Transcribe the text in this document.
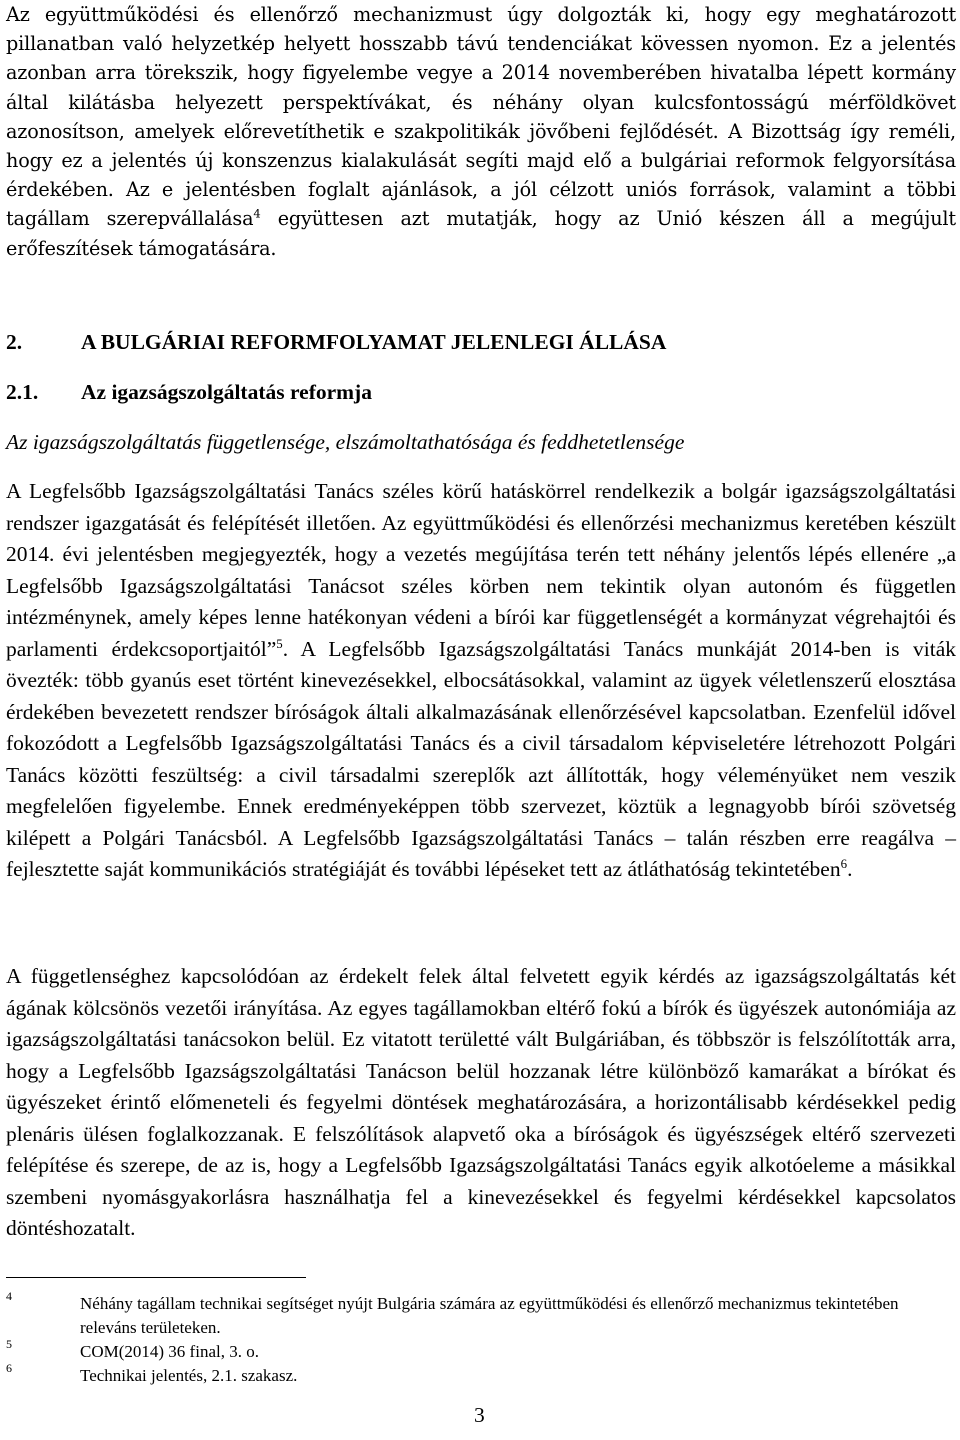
Az együttműködési és ellenőrző mechanizmust úgy dolgozták ki, hogy egy meghatározott pillanatban való helyzetkép helyett hosszabb távú tendenciákat kövessen nyomon. Ez a jelentés azonban arra törekszik, hogy figyelembe vegye a 2014 novemberében hivatalba lépett kormány által kilátásba helyezett perspektívákat, és néhány olyan kulcsfontosságú mérföldkövet azonosítson, amelyek előrevetíthetik e szakpolitikák jövőbeni fejlődését. A Bizottság így reméli, hogy ez a jelentés új konszenzus kialakulását segíti majd elő a bulgáriai reformok felgyorsítása érdekében. Az e jelentésben foglalt ajánlások, a jól célzott uniós források, valamint a többi tagállam szerepvállalása$^4$ együttesen azt mutatják, hogy az Unió készen áll a megújult erőfeszítések támogatására.

2.	A BULGÁRIAI REFORMFOLYAMAT JELENLEGI ÁLLÁSA
2.1. Az igazságszolgáltatás reformja
Az igazságszolgáltatás függetlensége, elszámoltathatósága és feddhetetlensége

A Legfelsőbb Igazságszolgáltatási Tanács széles körű hatáskörrel rendelkezik a bolgár igazságszolgáltatási rendszer igazgatását és felépítését illetően. Az együttműködési és ellenőrzési mechanizmus keretében készült 2014. évi jelentésben megjegyezték, hogy a vezetés megújítása terén tett néhány jelentős lépés ellenére „a Legfelsőbb Igazságszolgáltatási Tanácsot széles körben nem tekintik olyan autonóm és független intézménynek, amely képes lenne hatékonyan védeni a bírói kar függetlenségét a kormányzat végrehajtói és parlamenti érdekcsoportjaitól”$^5$. A Legfelsőbb Igazságszolgáltatási Tanács munkáját 2014-ben is viták övezték: több gyanús eset történt kinevezésekkel, elbocsátásokkal, valamint az ügyek véletlenszerű elosztása érdekében bevezetett rendszer bíróságok általi alkalmazásának ellenőrzésével kapcsolatban. Ezenfelül idővel fokozódott a Legfelsőbb Igazságszolgáltatási Tanács és a civil társadalom képviseletére létrehozott Polgári Tanács közötti feszültség: a civil társadalmi szereplők azt állították, hogy véleményüket nem veszik megfelelően figyelembe. Ennek eredményeképpen több szervezet, köztük a legnagyobb bírói szövetség kilépett a Polgári Tanácsból. A Legfelsőbb Igazságszolgáltatási Tanács – talán részben erre reagálva – fejlesztette saját kommunikációs stratégiáját és további lépéseket tett az átláthatóság tekintetében$^6$.

A függetlenséghez kapcsolódóan az érdekelt felek által felvetett egyik kérdés az igazságszolgáltatás két ágának kölcsönös vezetői irányítása. Az egyes tagállamokban eltérő fokú a bírók és ügyészek autonómiája az igazságszolgáltatási tanácsokon belül. Ez vitatott területté vált Bulgáriában, és többször is felszólították arra, hogy a Legfelsőbb Igazságszolgáltatási Tanácson belül hozzanak létre különböző kamarákat a bírókat és ügyészeket érintő előmeneteli és fegyelmi döntések meghatározására, a horizontálisabb kérdésekkel pedig plenáris ülésen foglalkozzanak. E felszólítások alapvető oka a bíróságok és ügyészségek eltérő szervezeti felépítése és szerepe, de az is, hogy a Legfelsőbb Igazságszolgáltatási Tanács egyik alkotóeleme a másikkal szembeni nyomásgyakorlásra használhatja fel a kinevezésekkel és fegyelmi kérdésekkel kapcsolatos döntéshozatalt.

4	Néhány tagállam technikai segítséget nyújt Bulgária számára az együttműködési és ellenőrző mechanizmus tekintetében releváns területeken.
5	COM(2014) 36 final, 3. o.
6	Technikai jelentés, 2.1. szakasz.
3
